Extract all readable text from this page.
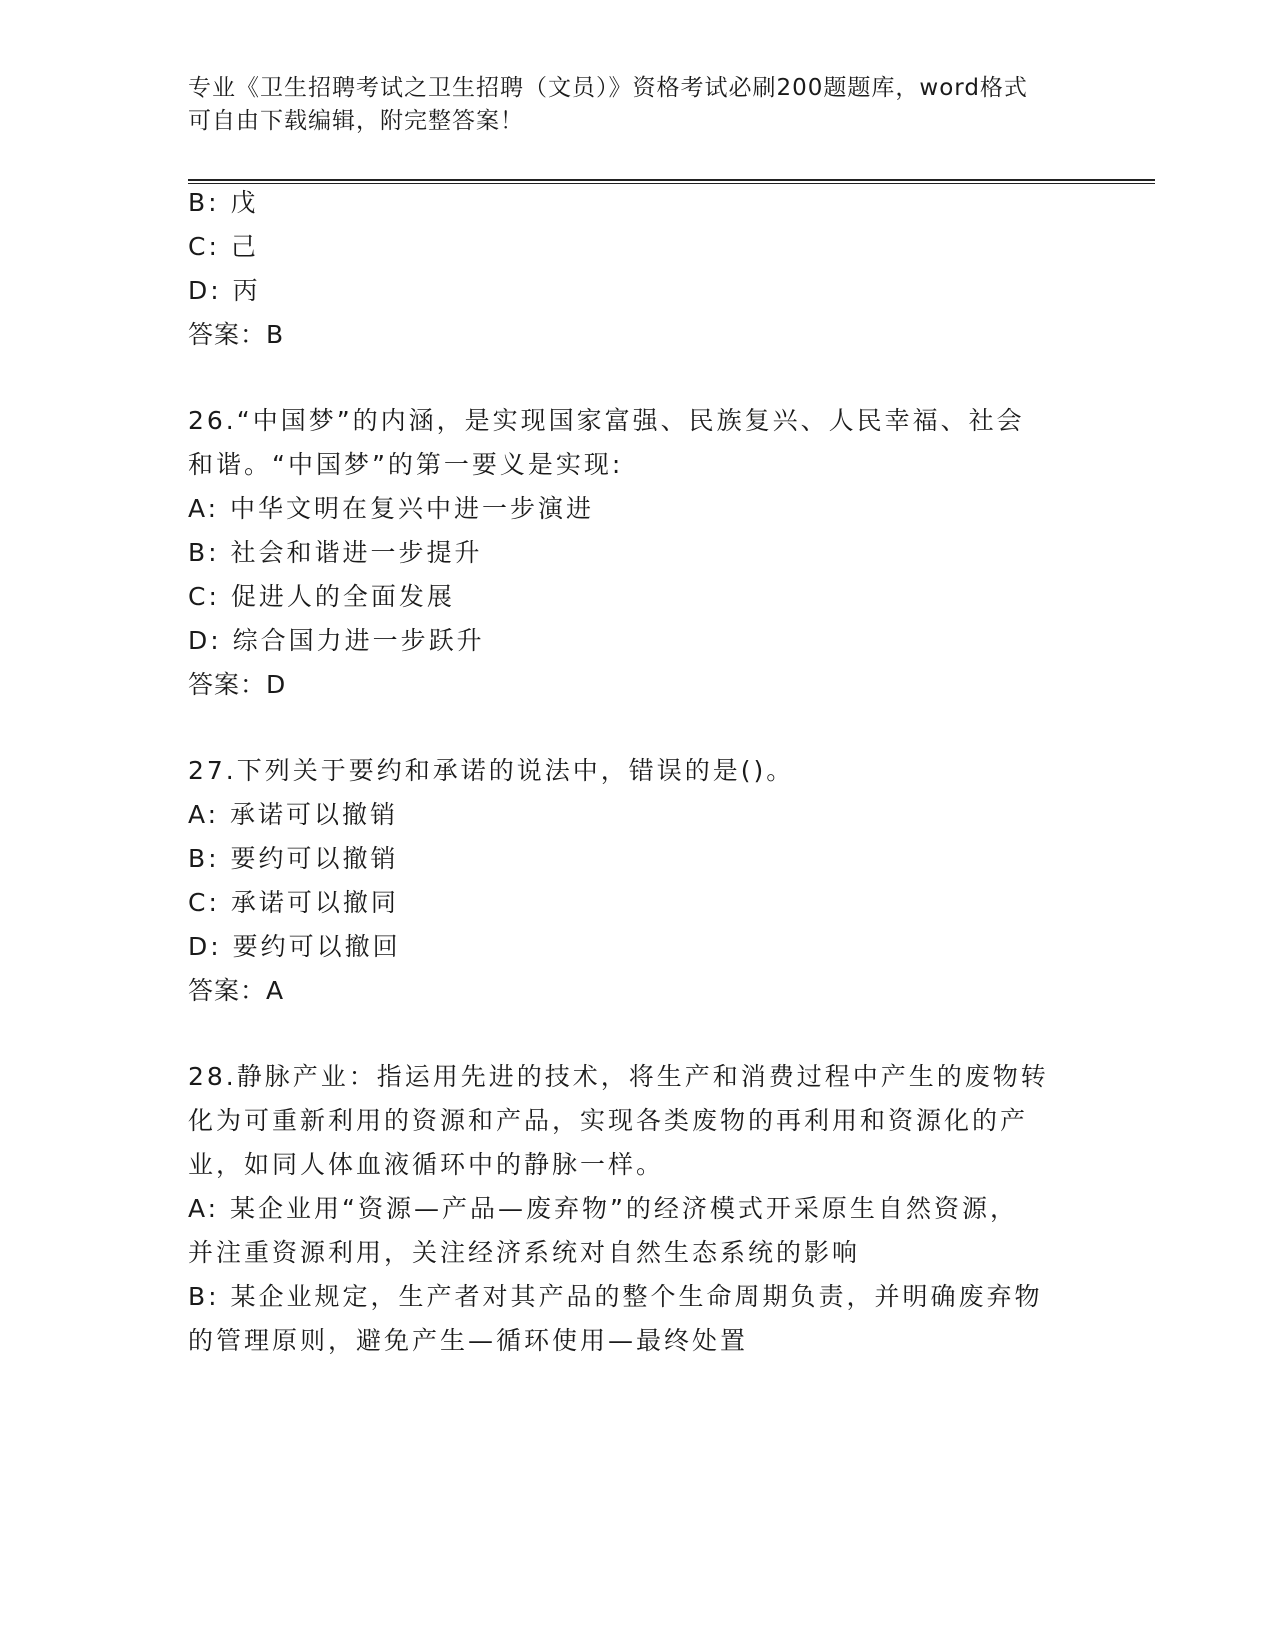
专业《卫生招聘考试之卫生招聘（文员）》资格考试必刷200题题库，word格式
可自由下载编辑，附完整答案！
B: 戊
C: 己
D: 丙
答案：B
26.“中国梦”的内涵，是实现国家富强、民族复兴、人民幸福、社会
和谐。“中国梦”的第一要义是实现:
A: 中华文明在复兴中进一步演进
B: 社会和谐进一步提升
C: 促进人的全面发展
D: 综合国力进一步跃升
答案：D
27.下列关于要约和承诺的说法中，错误的是()。
A: 承诺可以撤销
B: 要约可以撤销
C: 承诺可以撤同
D: 要约可以撤回
答案：A
28.静脉产业：指运用先进的技术，将生产和消费过程中产生的废物转
化为可重新利用的资源和产品，实现各类废物的再利用和资源化的产
业，如同人体血液循环中的静脉一样。
A: 某企业用“资源—产品—废弃物”的经济模式开采原生自然资源，
并注重资源利用，关注经济系统对自然生态系统的影响
B: 某企业规定，生产者对其产品的整个生命周期负责，并明确废弃物
的管理原则，避免产生—循环使用—最终处置
